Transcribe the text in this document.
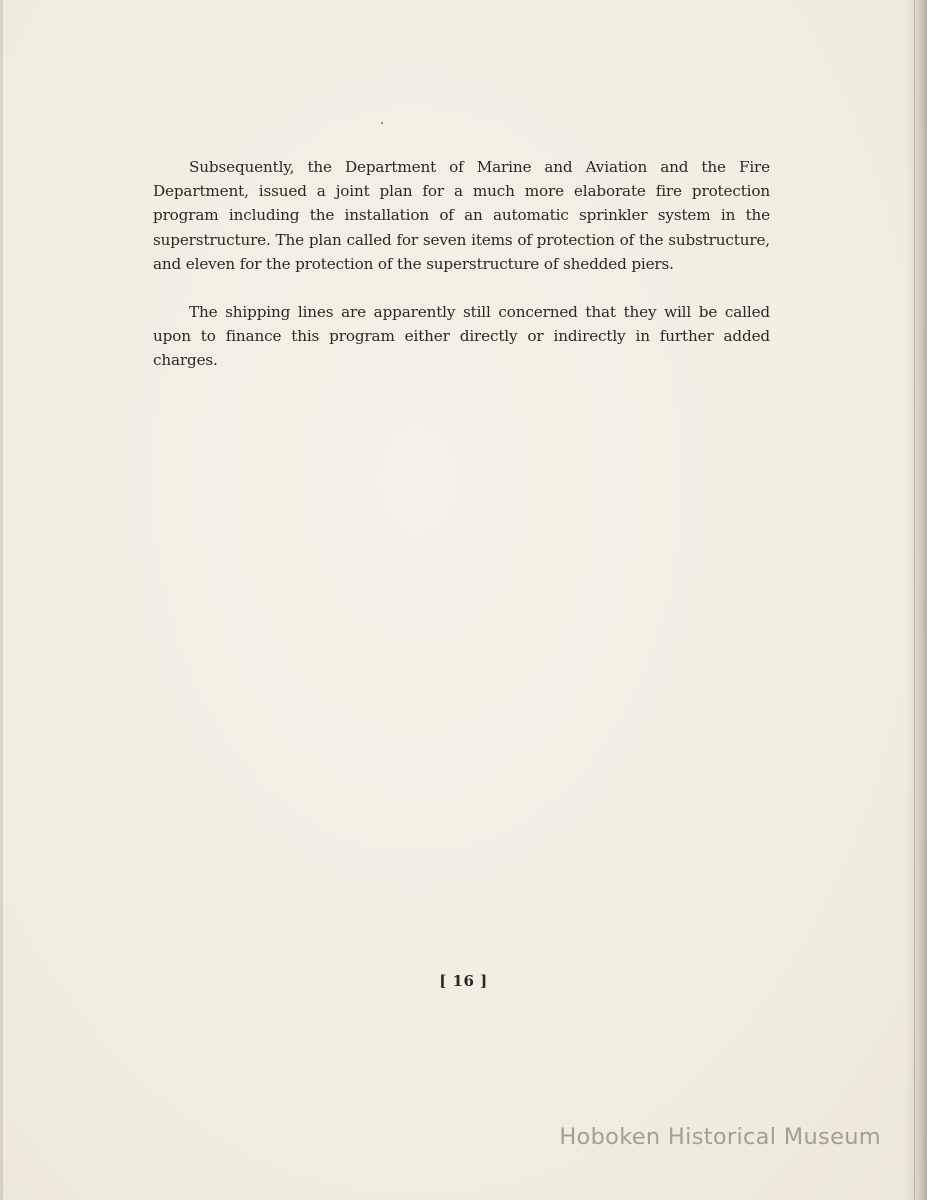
Subsequently, the Department of Marine and Aviation and the Fire Department, issued a joint plan for a much more elaborate fire protection program including the installation of an automatic sprinkler system in the superstructure. The plan called for seven items of protection of the substructure, and eleven for the protection of the superstructure of shedded piers.

The shipping lines are apparently still concerned that they will be called upon to finance this program either directly or indirectly in further added charges.

[ 16 ]
Hoboken Historical Museum
